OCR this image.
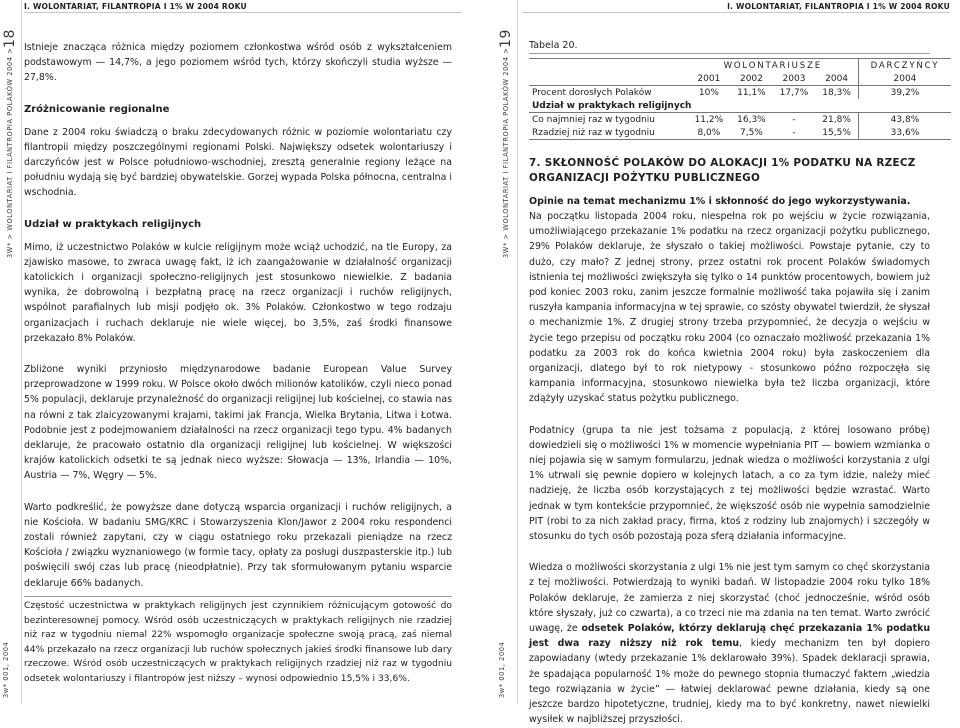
3W* > WOLONTARIAT I FILANTROPIA POLAKÓW 2004 >18
3w* 001, 2004
I. WOLONTARIAT, FILANTROPIA I 1% W 2004 ROKU

Istnieje znacząca różnica między poziomem członkostwa wśród osób z wykształceniem podstawowym — 14,7%, a jego poziomem wśród tych, którzy skończyli studia wyższe — 27,8%.

Zróżnicowanie regionalne

Dane z 2004 roku świadczą o braku zdecydowanych różnic w poziomie wolontariatu czy filantropii między poszczególnymi regionami Polski. Największy odsetek wolontariuszy i darczyńców jest w Polsce południowo-wschodniej, zresztą generalnie regiony leżące na południu wydają się być bardziej obywatelskie. Gorzej wypada Polska północna, centralna i wschodnia.

Udział w praktykach religijnych

Mimo, iż uczestnictwo Polaków w kulcie religijnym może wciąż uchodzić, na tle Europy, za zjawisko masowe, to zwraca uwagę fakt, iż ich zaangażowanie w działalność organizacji katolickich i organizacji społeczno-religijnych jest stosunkowo niewielkie. Z badania wynika, że dobrowolną i bezpłatną pracę na rzecz organizacji i ruchów religijnych, wspólnot parafialnych lub misji podjęło ok. 3% Polaków. Członkostwo w tego rodzaju organizacjach i ruchach deklaruje nie wiele więcej, bo 3,5%, zaś środki finansowe przekazało 8% Polaków.

Zbliżone wyniki przyniosło międzynarodowe badanie European Value Survey przeprowadzone w 1999 roku. W Polsce około dwóch milionów katolików, czyli nieco ponad 5% populacji, deklaruje przynależność do organizacji religijnej lub kościelnej, co stawia nas na równi z tak zlaicyzowanymi krajami, takimi jak Francja, Wielka Brytania, Litwa i Łotwa. Podobnie jest z podejmowaniem działalności na rzecz organizacji tego typu. 4% badanych deklaruje, że pracowało ostatnio dla organizacji religijnej lub kościelnej. W większości krajów katolickich odsetki te są jednak nieco wyższe: Słowacja — 13%, Irlandia — 10%, Austria — 7%, Węgry — 5%.

Warto podkreślić, że powyższe dane dotyczą wsparcia organizacji i ruchów religijnych, a nie Kościoła. W badaniu SMG/KRC i Stowarzyszenia Klon/Jawor z 2004 roku respondenci zostali również zapytani, czy w ciągu ostatniego roku przekazali pieniądze na rzecz Kościoła / związku wyznaniowego (w formie tacy, opłaty za posługi duszpasterskie itp.) lub poświęcili swój czas lub pracę (nieodpłatnie). Przy tak sformułowanym pytaniu wsparcie deklaruje 66% badanych.

Częstość uczestnictwa w praktykach religijnych jest czynnikiem różnicującym gotowość do bezinteresownej pomocy. Wśród osób uczestniczących w praktykach religijnych nie rzadziej niż raz w tygodniu niemal 22% wspomogło organizacje społeczne swoją pracą, zaś niemal 44% przekazało na rzecz organizacji lub ruchów społecznych jakieś środki finansowe lub dary rzeczowe. Wśród osób uczestniczących w praktykach religijnych rzadziej niż raz w tygodniu odsetek wolontariuszy i filantropów jest niższy – wynosi odpowiednio 15,5% i 33,6%.
3W* > WOLONTARIAT I FILANTROPIA POLAKÓW 2004 >19
3w* 001, 2004
I. WOLONTARIAT, FILANTROPIA I 1% W 2004 ROKU
Tabela 20.
	WOLONTARIUSZE				DARCZYŃCY
	2001	2002	2003	2004	2004
Procent dorosłych Polaków	10%	11,1%	17,7%	18,3%	39,2%
Udział w praktykach religijnych					
Co najmniej raz w tygodniu	11,2%	16,3%	-	21,8%	43,8%
Rzadziej niż raz w tygodniu	8,0%	7,5%	-	15,5%	33,6%
7. SKŁONNOŚĆ POLAKÓW DO ALOKACJI 1% PODATKU NA RZECZ ORGANIZACJI POŻYTKU PUBLICZNEGO
Opinie na temat mechanizmu 1% i skłonność do jego wykorzystywania.

Na początku listopada 2004 roku, niespełna rok po wejściu w życie rozwiązania, umożliwiającego przekazanie 1% podatku na rzecz organizacji pożytku publicznego, 29% Polaków deklaruje, że słyszało o takiej możliwości. Powstaje pytanie, czy to dużo, czy mało? Z jednej strony, przez ostatni rok procent Polaków świadomych istnienia tej możliwości zwiększyła się tylko o 14 punktów procentowych, bowiem już pod koniec 2003 roku, zanim jeszcze formalnie możliwość taka pojawiła się i zanim ruszyła kampania informacyjna w tej sprawie, co szósty obywatel twierdził, że słyszał o mechanizmie 1%. Z drugiej strony trzeba przypomnieć, że decyzja o wejściu w życie tego przepisu od początku roku 2004 (co oznaczało możliwość przekazania 1% podatku za 2003 rok do końca kwietnia 2004 roku) była zaskoczeniem dla organizacji, dlatego był to rok nietypowy - stosunkowo późno rozpoczęła się kampania informacyjna, stosunkowo niewielka była też liczba organizacji, które zdążyły uzyskać status pożytku publicznego.

Podatnicy (grupa ta nie jest tożsama z populacją, z której losowano próbę) dowiedzieli się o możliwości 1% w momencie wypełniania PIT — bowiem wzmianka o niej pojawia się w samym formularzu, jednak wiedza o możliwości korzystania z ulgi 1% utrwali się pewnie dopiero w kolejnych latach, a co za tym idzie, należy mieć nadzieję, że liczba osób korzystających z tej możliwości będzie wzrastać. Warto jednak w tym kontekście przypomnieć, że większość osób nie wypełnia samodzielnie PIT (robi to za nich zakład pracy, firma, ktoś z rodziny lub znajomych) i szczegóły w stosunku do tych osób pozostają poza sferą działania informacyjne.

Wiedza o możliwości skorzystania z ulgi 1% nie jest tym samym co chęć skorzystania z tej możliwości. Potwierdzają to wyniki badań. W listopadzie 2004 roku tylko 18% Polaków deklaruje, że zamierza z niej skorzystać (choć jednocześnie, wśród osób które słyszały, już co czwarta), a co trzeci nie ma zdania na ten temat. Warto zwrócić uwagę, że odsetek Polaków, którzy deklarują chęć przekazania 1% podatku jest dwa razy niższy niż rok temu, kiedy mechanizm ten był dopiero zapowiadany (wtedy przekazanie 1% deklarowało 39%). Spadek deklaracji sprawia, że spadająca popularność 1% może do pewnego stopnia tłumaczyć faktem „wiedzia tego rozwiązania w życie” — łatwiej deklarować pewne działania, kiedy są one jeszcze bardzo hipotetyczne, trudniej, kiedy ma to być konkretny, nawet niewielki wysiłek w najbliższej przyszłości.
